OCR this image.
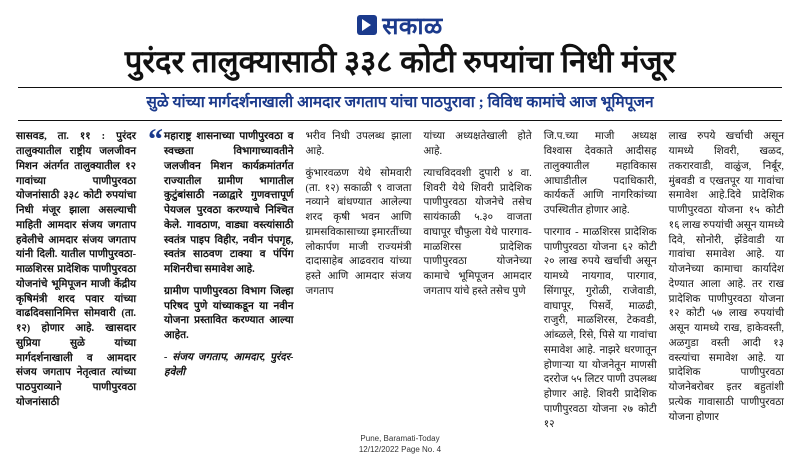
सकाळ
पुरंदर तालुक्यासाठी ३३८ कोटी रुपयांचा निधी मंजूर
सुळे यांच्या मार्गदर्शनाखाली आमदार जगताप यांचा पाठपुरावा ; विविध कामांचे आज भूमिपूजन

सासवड, ता. ११ : पुरंदर तालुक्यातील राष्ट्रीय जलजीवन मिशन अंतर्गत तालुक्यातील १२ गावांच्या पाणीपुरवठा योजनांसाठी ३३८ कोटी रुपयांचा निधी मंजूर झाला असल्याची माहिती आमदार संजय जगताप हवेलीचे आमदार संजय जगताप यांनी दिली. यातील पाणीपुरवठा- माळशिरस प्रादेशिक पाणीपुरवठा योजनांचे भूमिपूजन माजी केंद्रीय कृषिमंत्री शरद पवार यांच्या वाढदिवसानिमित्त सोमवारी (ता. १२) होणार आहे. खासदार सुप्रिया सुळे यांच्या मार्गदर्शनाखाली व आमदार संजय जगताप नेतृत्वात त्यांच्या पाठपुराव्याने पाणीपुरवठा योजनांसाठी

“ महाराष्ट्र शासनाच्या पाणीपुरवठा व स्वच्छता विभागाच्यावतीने जलजीवन मिशन कार्यक्रमांतर्गत राज्यातील ग्रामीण भागातील कुटुंबांसाठी नळाद्वारे गुणवत्तापूर्ण पेयजल पुरवठा करण्याचे निश्चित केले. गावठाण, वाड्या वस्त्यांसाठी स्वतंत्र पाइप विहीर, नवीन पंपगृह, स्वतंत्र साठवण टाक्या व पंपिंग मशिनरीचा समावेश आहे.

ग्रामीण पाणीपुरवठा विभाग जिल्हा परिषद पुणे यांच्याकडून या नवीन योजना प्रस्तावित करण्यात आल्या आहेत.

- संजय जगताप, आमदार, पुरंदर-हवेली

भरीव निधी उपलब्ध झाला आहे.

कुंभारवळण येथे सोमवारी (ता. १२) सकाळी ९ वाजता नव्याने बांधण्यात आलेल्या शरद कृषी भवन आणि ग्रामसविकासाच्या इमारतींच्या लोकार्पण माजी राज्यमंत्री दादासाहेब आढवराव यांच्या हस्ते आणि आमदार संजय जगताप

यांच्या अध्यक्षतेखाली होते आहे.

त्याचविदवशी दुपारी ४ वा. शिवरी येथे शिवरी प्रादेशिक पाणीपुरवठा योजनेचे तसेच सायंकाळी ५.३० वाजता वाघापूर चौफुला येथे पारगाव-माळशिरस प्रादेशिक पाणीपुरवठा योजनेच्या कामाचे भूमिपूजन आमदार जगताप यांचे हस्ते तसेच पुणे

जि.प.च्या माजी अध्यक्ष विश्वास देवकाते आदीसह तालुक्यातील महाविकास आघाडीतील पदाधिकारी, कार्यकर्ते आणि नागरिकांच्या उपस्थितीत होणार आहे.

पारगाव - माळशिरस प्रादेशिक पाणीपुरवठा योजना ६२ कोटी २० लाख रुपये खर्चाची असून यामध्ये नायगाव, पारगाव, सिंगापूर, गुरोळी, राजेवाडी, वाघापूर, पिसर्वे, माळढी, राजुरी, माळशिरस, टेकवडी, आंब्ळले, रिसे, पिसे या गावांचा समावेश आहे. नाझरे धरणातून होणाऱ्या या योजनेतून माणसी दररोज ५५ लिटर पाणी उपलब्ध होणार आहे. शिवरी प्रादेशिक पाणीपुरवठा योजना २७ कोटी १२

लाख रुपये खर्चाची असून यामध्ये शिवरी, खळद, तकरारवाडी, वाळुंज, निर्बूर, मुंबवडी व एखतपूर या गावांचा समावेश आहे.दिवे प्रादेशिक पाणीपुरवठा योजना १५ कोटी १६ लाख रुपयांची असून यामध्ये दिवे, सोनोरी, झेंडेवाडी या गावांचा समावेश आहे. या योजनेच्या कामाचा कार्यादेश देण्यात आला आहे. तर राख प्रादेशिक पाणीपुरवठा योजना १२ कोटी ५७ लाख रुपयांची असून यामध्ये राख, हाकेवस्ती, अळगुडा वस्ती आदी १३ वस्त्यांचा समावेश आहे. या प्रादेशिक पाणीपुरवठा योजनेबरोबर इतर बहुतांशी प्रत्येक गावासाठी पाणीपुरवठा योजना होणार

Pune, Baramati-Today
12/12/2022 Page No. 4
